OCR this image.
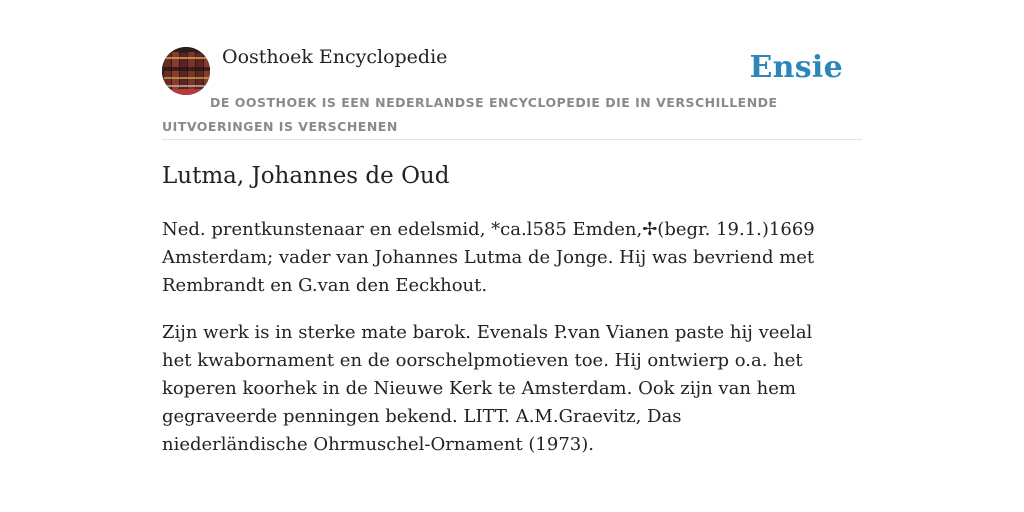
Oosthoek Encyclopedie	Ensie
DE OOSTHOEK IS EEN NEDERLANDSE ENCYCLOPEDIE DIE IN VERSCHILLENDE UITVOERINGEN IS VERSCHENEN
Lutma, Johannes de Oud

Ned. prentkunstenaar en edelsmid, *ca.l585 Emden,✢(begr. 19.1.)1669 Amsterdam; vader van Johannes Lutma de Jonge. Hij was bevriend met Rembrandt en G.van den Eeckhout.

Zijn werk is in sterke mate barok. Evenals P.van Vianen paste hij veelal het kwabornament en de oorschelpmotieven toe. Hij ontwierp o.a. het koperen koorhek in de Nieuwe Kerk te Amsterdam. Ook zijn van hem gegraveerde penningen bekend. LITT. A.M.Graevitz, Das niederländische Ohrmuschel-Ornament (1973).
